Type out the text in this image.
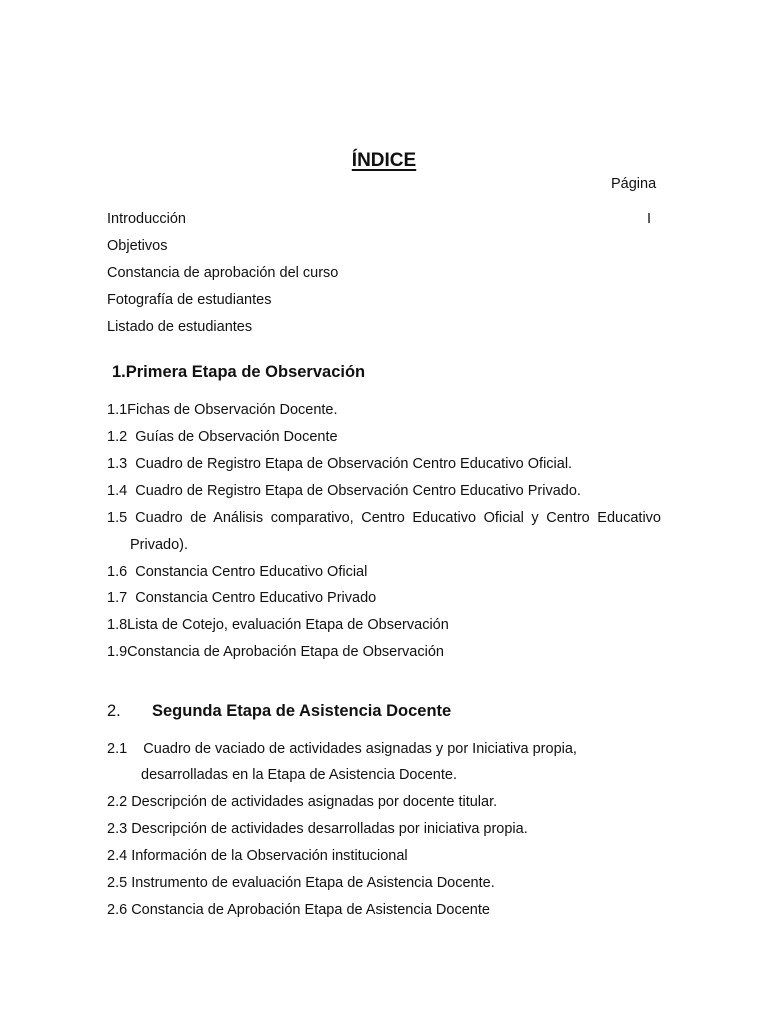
ÍNDICE
Página
Introducción	I
Objetivos
Constancia de aprobación del curso
Fotografía de estudiantes
Listado de estudiantes
1.Primera Etapa de Observación
1.1Fichas de Observación Docente.
1.2 Guías de Observación Docente
1.3 Cuadro de Registro Etapa de Observación Centro Educativo Oficial.
1.4 Cuadro de Registro Etapa de Observación Centro Educativo Privado.
1.5 Cuadro de Análisis comparativo, Centro Educativo Oficial y Centro Educativo
Privado).
1.6 Constancia Centro Educativo Oficial
1.7 Constancia Centro Educativo Privado
1.8Lista de Cotejo, evaluación Etapa de Observación
1.9Constancia de Aprobación Etapa de Observación
2. Segunda Etapa de Asistencia Docente
2.1 Cuadro de vaciado de actividades asignadas y por Iniciativa propia,
desarrolladas en la Etapa de Asistencia Docente.
2.2 Descripción de actividades asignadas por docente titular.
2.3 Descripción de actividades desarrolladas por iniciativa propia.
2.4 Información de la Observación institucional
2.5 Instrumento de evaluación Etapa de Asistencia Docente.
2.6 Constancia de Aprobación Etapa de Asistencia Docente
